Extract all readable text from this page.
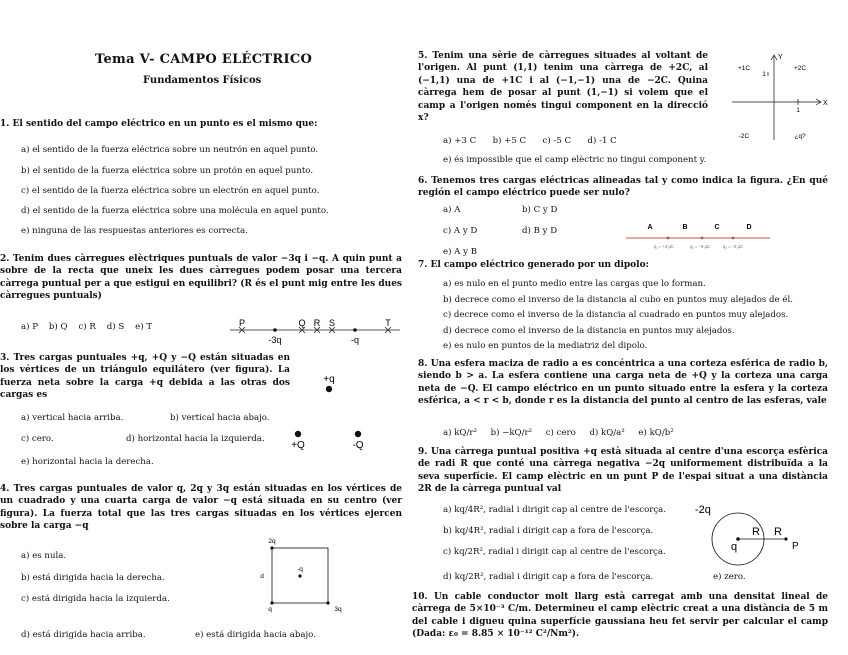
Tema V- CAMPO ELÉCTRICO
Fundamentos Físicos
1. El sentido del campo eléctrico en un punto es el mismo que:
a) el sentido de la fuerza eléctrica sobre un neutrón en aquel punto.
b) el sentido de la fuerza eléctrica sobre un protón en aquel punto.
c) el sentido de la fuerza eléctrica sobre un electrón en aquel punto.
d) el sentido de la fuerza eléctrica sobre una molécula en aquel punto.
e) ninguna de las respuestas anteriores es correcta.
2. Tenim dues càrregues elèctriques puntuals de valor −3q i −q. A quin punt a sobre de la recta que uneix les dues càrregues podem posar una tercera càrrega puntual per a que estigui en equilibri? (R és el punt mig entre les dues càrregues puntuals)
a) P    b) Q    c) R    d) S    e) T	P	Q R S	T
-3q	-q
3. Tres cargas puntuales +q, +Q y −Q están situadas en los vértices de un triángulo equilátero (ver figura). La fuerza neta sobre la carga +q debida a las otras dos cargas es
a) vertical hacia arriba.	b) vertical hacia abajo.
c) cero.	d) horizontal hacia la izquierda.
e) horizontal hacia la derecha.
+q
+Q	-Q
4. Tres cargas puntuales de valor q, 2q y 3q están situadas en los vértices de un cuadrado y una cuarta carga de valor −q está situada en su centro (ver figura). La fuerza total que las tres cargas situadas en los vértices ejercen sobre la carga −q
a) es nula.
b) está dirigida hacia la derecha.
c) está dirigida hacia la izquierda.
d) está dirigida hacia arriba.	e) está dirigida hacia abajo.
2q
d
-q
q	3q
5. Tenim una sèrie de càrregues situades al voltant de l'origen. Al punt (1,1) tenim una càrrega de +2C, al (−1,1) una de +1C i al (−1,−1) una de −2C. Quina càrrega hem de posar al punt (1,−1) si volem que el camp a l'origen només tingui component en la direcció x?
a) +3 C      b) +5 C      c) -5 C      d) -1 C
e) és impossible que el camp elèctric no tingui component y.
Y
X
+1C	+2C
1
1
-2C	¿q?
6. Tenemos tres cargas eléctricas alineadas tal y como indica la figura. ¿En qué región el campo eléctrico puede ser nulo?
a) A	b) C y D
c) A y D	d) B y D
e) A y B
A	B	C	D
q₁ = +3 μC	q₂ = −6 μC	q₃ = −3 μC
7. El campo eléctrico generado por un dipolo:
a) es nulo en el punto medio entre las cargas que lo forman.
b) decrece como el inverso de la distancia al cubo en puntos muy alejados de él.
c) decrece como el inverso de la distancia al cuadrado en puntos muy alejados.
d) decrece como el inverso de la distancia en puntos muy alejados.
e) es nulo en puntos de la mediatriz del dipolo.
8. Una esfera maciza de radio a es concéntrica a una corteza esférica de radio b, siendo b > a. La esfera contiene una carga neta de +Q y la corteza una carga neta de −Q. El campo eléctrico en un punto situado entre la esfera y la corteza esférica, a < r < b, donde r es la distancia del punto al centro de las esferas, vale
a) kQ/r²     b) −kQ/r²     c) cero     d) kQ/a²     e) kQ/b²
9. Una càrrega puntual positiva +q està situada al centre d'una escorça esfèrica de radi R que conté una càrrega negativa −2q uniformement distribuïda a la seva superfície. El camp elèctric en un punt P de l'espai situat a una distància 2R de la càrrega puntual val
a) kq/4R², radial i dirigit cap al centre de l'escorça.
b) kq/4R², radial i dirigit cap a fora de l'escorça.
c) kq/2R², radial i dirigit cap al centre de l'escorça.
d) kq/2R², radial i dirigit cap a fora de l'escorça.	e) zero.
-2q
R R
q	P
10. Un cable conductor molt llarg està carregat amb una densitat lineal de càrrega de 5×10⁻³ C/m. Determineu el camp elèctric creat a una distància de 5 m del cable i digueu quina superfície gaussiana heu fet servir per calcular el camp (Dada: ε₀ = 8.85 × 10⁻¹² C²/Nm²).
